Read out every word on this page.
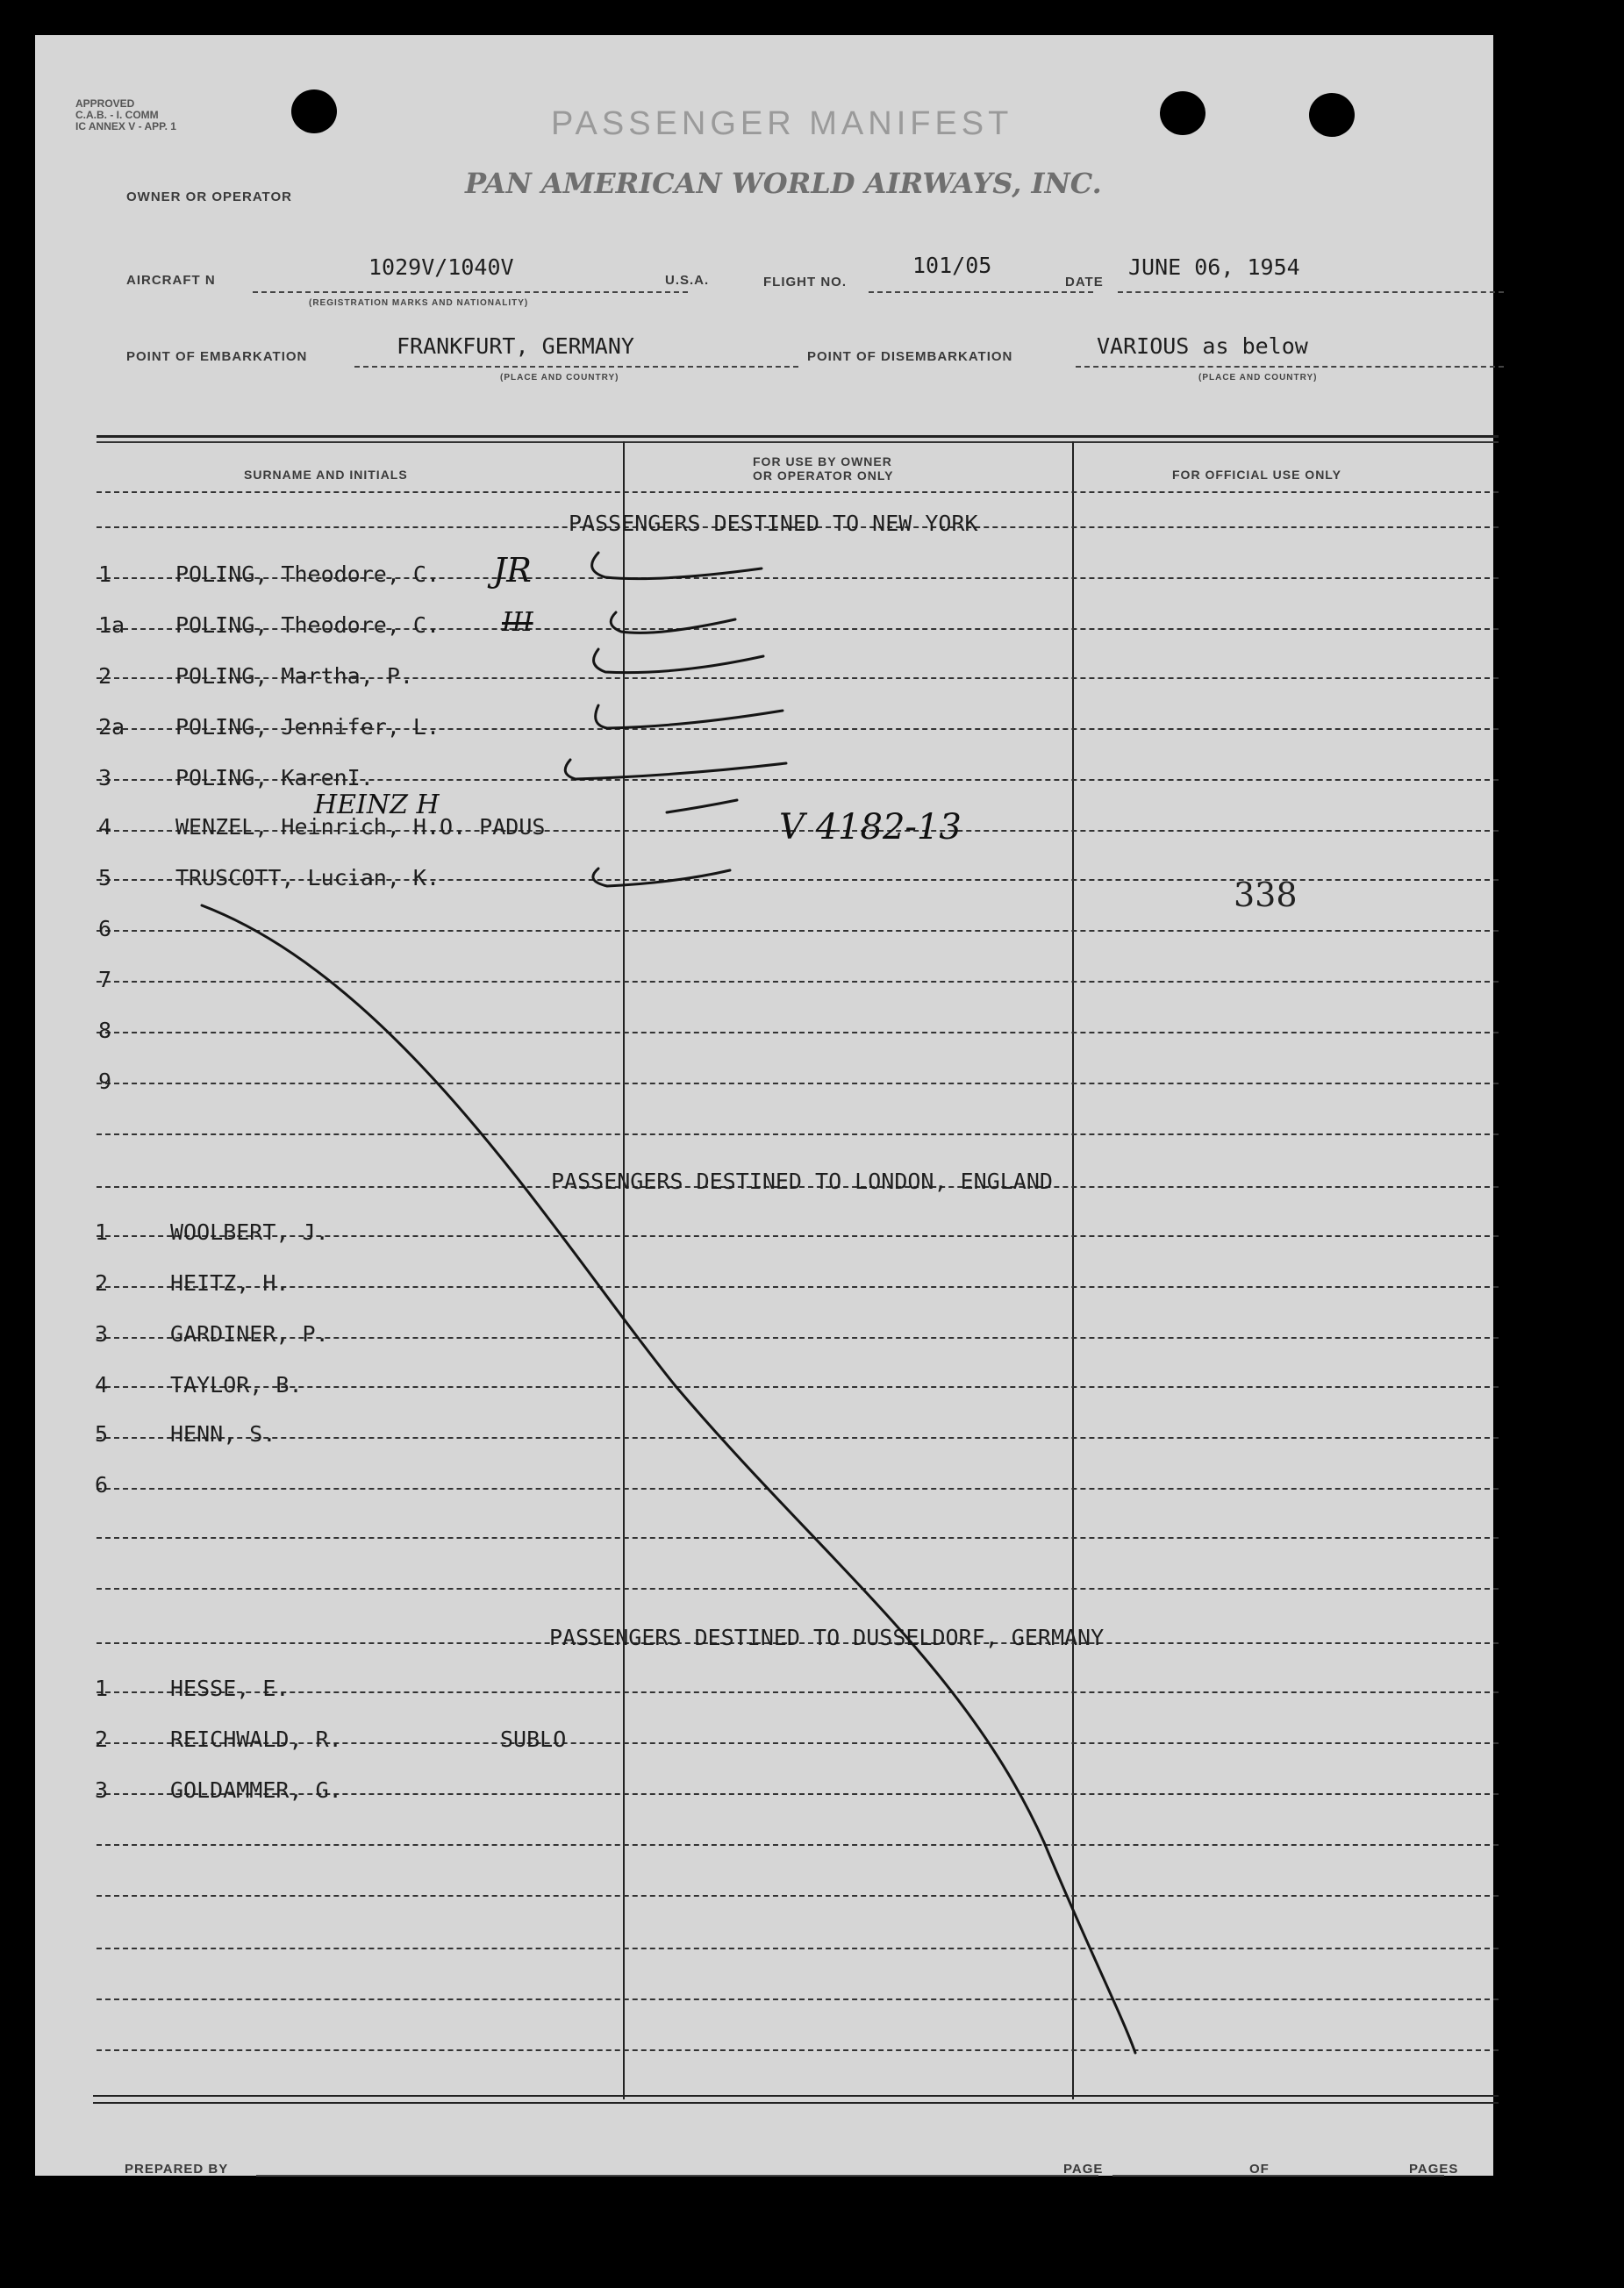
APPROVED
C.A.B. - I. COMM
IC ANNEX V - APP. 1	PASSENGER MANIFEST
OWNER OR OPERATOR	PAN AMERICAN WORLD AIRWAYS, INC.
AIRCRAFT N
1029V/1040V
(REGISTRATION MARKS AND NATIONALITY)
U.S.A.	FLIGHT NO.
101/05
DATE
JUNE 06, 1954
POINT OF EMBARKATION	FRANKFURT, GERMANY
(PLACE AND COUNTRY)
POINT OF DISEMBARKATION	VARIOUS as below
(PLACE AND COUNTRY)
SURNAME AND INITIALS
FOR USE BY OWNER
OR OPERATOR ONLY	FOR OFFICIAL USE ONLY
PASSENGERS DESTINED TO NEW YORK
PASSENGERS DESTINED TO LONDON, ENGLAND
PASSENGERS DESTINED TO DUSSELDORF, GERMANY
1	POLING, Theodore, C. JR
1a POLING, Theodore, C. III
2	POLING, Martha, P.
2a POLING, Jennifer, L.
3	POLING, KarenI.
4	WENZEL, Heinrich, H.O. PADUS
HEINZ H
V 4182-13
5	TRUSCOTT, Lucian, K.
6
7
8
9
338
1	WOOLBERT, J.
2	HEITZ, H.
3	GARDINER, P.
4	TAYLOR, B.
5	HENN, S.
6
1	HESSE, E.
2	REICHWALD, R.	SUBLO
3	GOLDAMMER, G.
PREPARED BY	PAGE	OF	PAGES
